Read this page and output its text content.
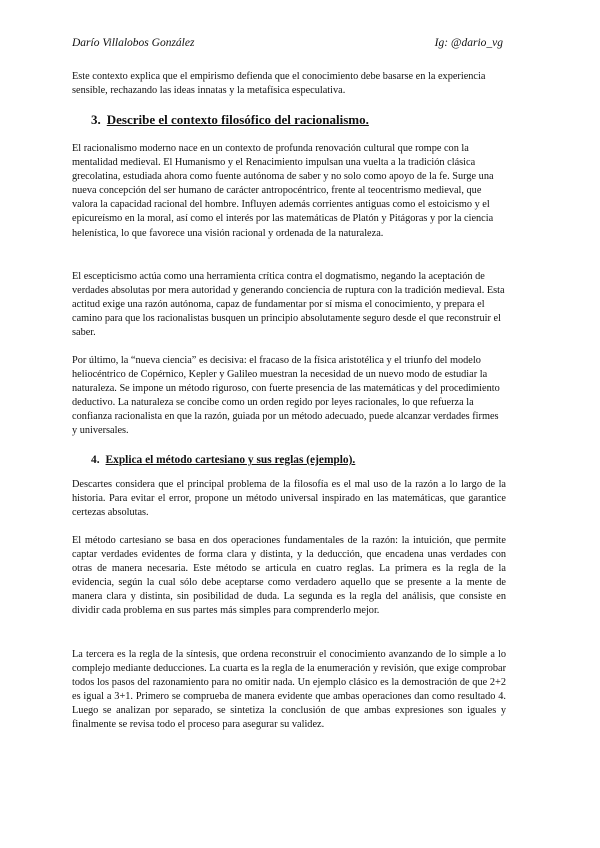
Darío Villalobos González	Ig: @dario_vg

Este contexto explica que el empirismo defienda que el conocimiento debe basarse en la experiencia sensible, rechazando las ideas innatas y la metafísica especulativa.

3. Describe el contexto filosófico del racionalismo.

El racionalismo moderno nace en un contexto de profunda renovación cultural que rompe con la mentalidad medieval. El Humanismo y el Renacimiento impulsan una vuelta a la tradición clásica grecolatina, estudiada ahora como fuente autónoma de saber y no solo como apoyo de la fe. Surge una nueva concepción del ser humano de carácter antropocéntrico, frente al teocentrismo medieval, que valora la capacidad racional del hombre. Influyen además corrientes antiguas como el estoicismo y el epicureísmo en la moral, así como el interés por las matemáticas de Platón y Pitágoras y por la ciencia helenística, lo que favorece una visión racional y ordenada de la naturaleza.

El escepticismo actúa como una herramienta crítica contra el dogmatismo, negando la aceptación de verdades absolutas por mera autoridad y generando conciencia de ruptura con la tradición medieval. Esta actitud exige una razón autónoma, capaz de fundamentar por sí misma el conocimiento, y prepara el camino para que los racionalistas busquen un principio absolutamente seguro desde el que reconstruir el saber.

Por último, la “nueva ciencia” es decisiva: el fracaso de la física aristotélica y el triunfo del modelo heliocéntrico de Copérnico, Kepler y Galileo muestran la necesidad de un nuevo modo de estudiar la naturaleza. Se impone un método riguroso, con fuerte presencia de las matemáticas y del procedimiento deductivo. La naturaleza se concibe como un orden regido por leyes racionales, lo que refuerza la confianza racionalista en que la razón, guiada por un método adecuado, puede alcanzar verdades firmes y universales.

4. Explica el método cartesiano y sus reglas (ejemplo).

Descartes considera que el principal problema de la filosofía es el mal uso de la razón a lo largo de la historia. Para evitar el error, propone un método universal inspirado en las matemáticas, que garantice certezas absolutas.

El método cartesiano se basa en dos operaciones fundamentales de la razón: la intuición, que permite captar verdades evidentes de forma clara y distinta, y la deducción, que encadena unas verdades con otras de manera necesaria. Este método se articula en cuatro reglas. La primera es la regla de la evidencia, según la cual sólo debe aceptarse como verdadero aquello que se presente a la mente de manera clara y distinta, sin posibilidad de duda. La segunda es la regla del análisis, que consiste en dividir cada problema en sus partes más simples para comprenderlo mejor.

La tercera es la regla de la síntesis, que ordena reconstruir el conocimiento avanzando de lo simple a lo complejo mediante deducciones. La cuarta es la regla de la enumeración y revisión, que exige comprobar todos los pasos del razonamiento para no omitir nada. Un ejemplo clásico es la demostración de que 2+2 es igual a 3+1. Primero se comprueba de manera evidente que ambas operaciones dan como resultado 4. Luego se analizan por separado, se sintetiza la conclusión de que ambas expresiones son iguales y finalmente se revisa todo el proceso para asegurar su validez.
